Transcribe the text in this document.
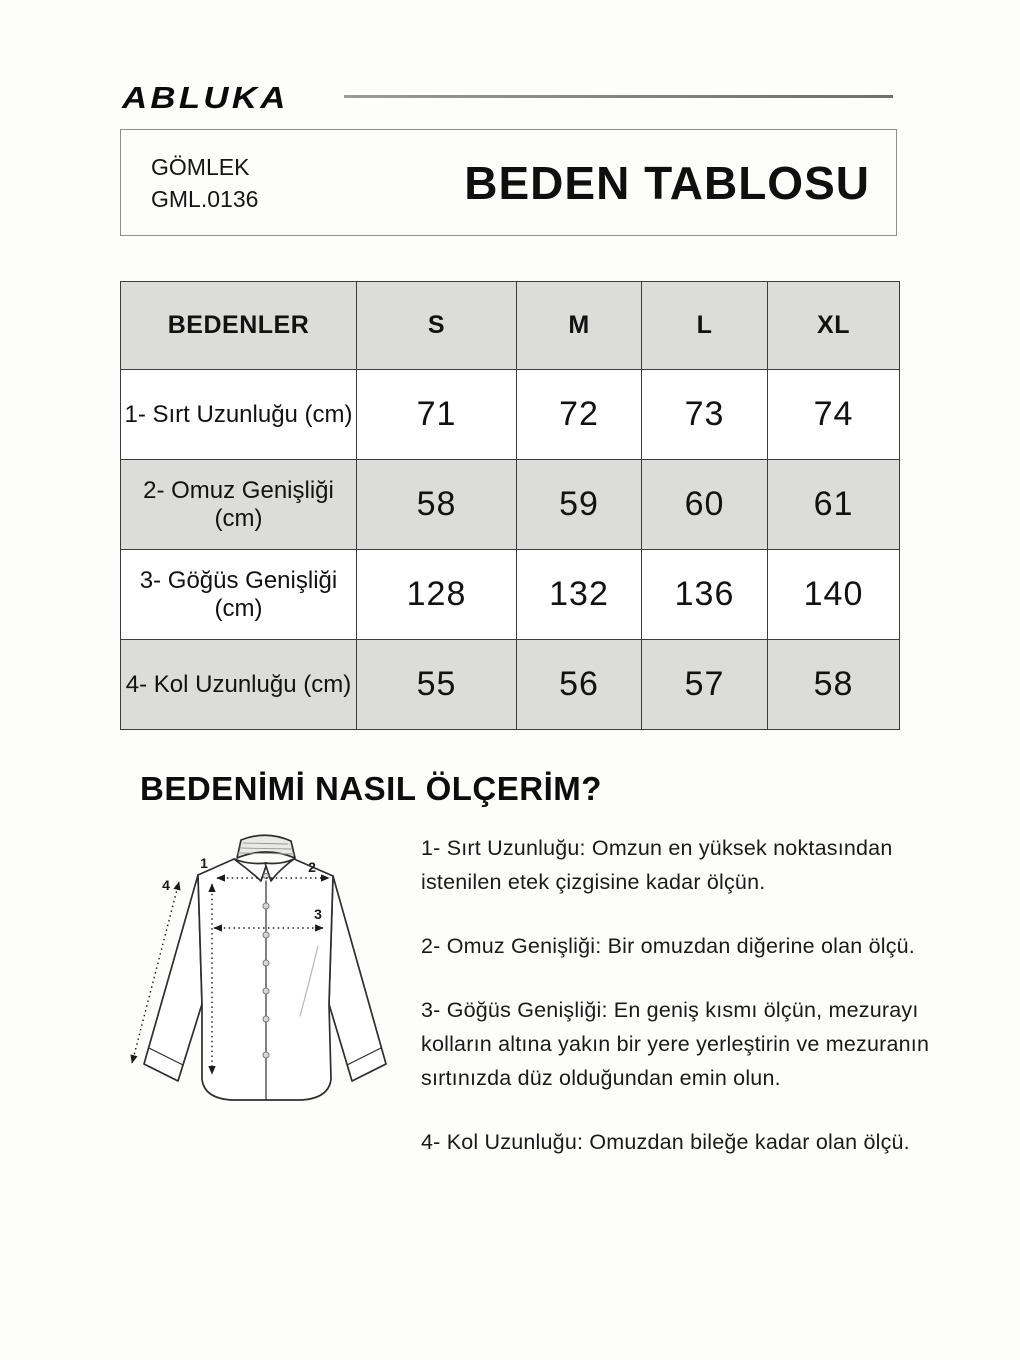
ABLUKA
GÖMLEK
GML.0136	BEDEN TABLOSU
BEDENLER	S	M	L	XL
1- Sırt Uzunluğu (cm)	71	72	73	74
2- Omuz Genişliği (cm)	58	59	60	61
3- Göğüs Genişliği (cm)	128	132	136	140
4- Kol Uzunluğu (cm)	55	56	57	58
BEDENİMİ NASIL ÖLÇERİM?
1	2
3
4

1- Sırt Uzunluğu: Omzun en yüksek noktasından istenilen etek çizgisine kadar ölçün.

2- Omuz Genişliği: Bir omuzdan diğerine olan ölçü.

3- Göğüs Genişliği: En geniş kısmı ölçün, mezurayı kolların altına yakın bir yere yerleştirin ve mezuranın sırtınızda düz olduğundan emin olun.

4- Kol Uzunluğu: Omuzdan bileğe kadar olan ölçü.
